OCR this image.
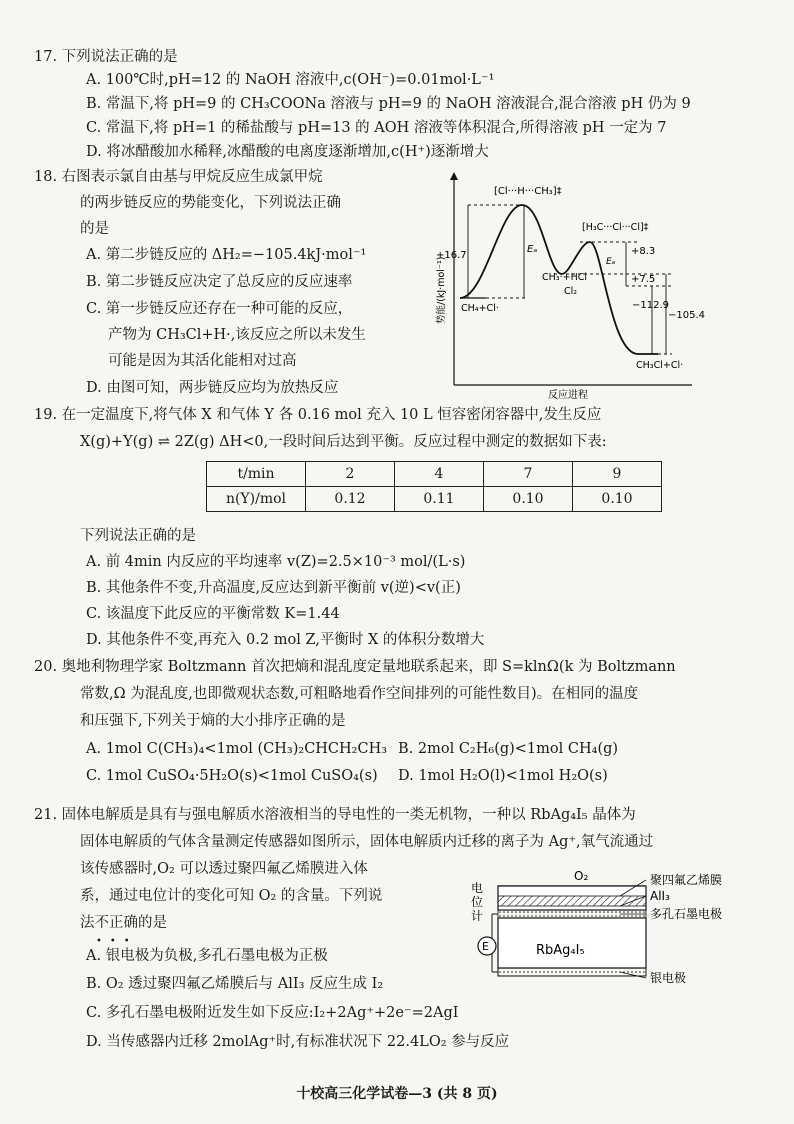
17. 下列说法正确的是
A. 100℃时,pH=12 的 NaOH 溶液中,c(OH⁻)=0.01mol·L⁻¹
B. 常温下,将 pH=9 的 CH₃COONa 溶液与 pH=9 的 NaOH 溶液混合,混合溶液 pH 仍为 9
C. 常温下,将 pH=1 的稀盐酸与 pH=13 的 AOH 溶液等体积混合,所得溶液 pH 一定为 7
D. 将冰醋酸加水稀释,冰醋酸的电离度逐渐增加,c(H⁺)逐渐增大
18. 右图表示氯自由基与甲烷反应生成氯甲烷
的两步链反应的势能变化，下列说法正确
的是
A. 第二步链反应的 ΔH₂=−105.4kJ·mol⁻¹
B. 第二步链反应决定了总反应的反应速率
C. 第一步链反应还存在一种可能的反应，
产物为 CH₃Cl+H·,该反应之所以未发生
可能是因为其活化能相对过高
D. 由图可知，两步链反应均为放热反应
势能/(kJ·mol⁻¹)
反应进程
[Cl···H···CH₃]‡
[H₃C···Cl···Cl]‡
CH₄+Cl·
CH₃·+HCl
Cl₂
CH₃Cl+Cl·
+16.7
Eₐ
Eₐ
+8.3
+7.5
−112.9
−105.4
19. 在一定温度下,将气体 X 和气体 Y 各 0.16 mol 充入 10 L 恒容密闭容器中,发生反应
X(g)+Y(g) ⇌ 2Z(g) ΔH<0,一段时间后达到平衡。反应过程中测定的数据如下表:
t/min	2	4	7	9
n(Y)/mol	0.12	0.11	0.10	0.10
下列说法正确的是
A. 前 4min 内反应的平均速率 v(Z)=2.5×10⁻³ mol/(L·s)
B. 其他条件不变,升高温度,反应达到新平衡前 v(逆)<v(正)
C. 该温度下此反应的平衡常数 K=1.44
D. 其他条件不变,再充入 0.2 mol Z,平衡时 X 的体积分数增大
20. 奥地利物理学家 Boltzmann 首次把熵和混乱度定量地联系起来，即 S=klnΩ(k 为 Boltzmann
常数,Ω 为混乱度,也即微观状态数,可粗略地看作空间排列的可能性数目)。在相同的温度
和压强下,下列关于熵的大小排序正确的是
A. 1mol C(CH₃)₄<1mol (CH₃)₂CHCH₂CH₃ B. 2mol C₂H₆(g)<1mol CH₄(g)
C. 1mol CuSO₄·5H₂O(s)<1mol CuSO₄(s) D. 1mol H₂O(l)<1mol H₂O(s)
21. 固体电解质是具有与强电解质水溶液相当的导电性的一类无机物，一种以 RbAg₄I₅ 晶体为
固体电解质的气体含量测定传感器如图所示，固体电解质内迁移的离子为 Ag⁺,氧气流通过
该传感器时,O₂ 可以透过聚四氟乙烯膜进入体
系，通过电位计的变化可知 O₂ 的含量。下列说
法不正确的是
•••
A. 银电极为负极,多孔石墨电极为正极
B. O₂ 透过聚四氟乙烯膜后与 AlI₃ 反应生成 I₂
C. 多孔石墨电极附近发生如下反应:I₂+2Ag⁺+2e⁻=2AgI
D. 当传感器内迁移 2molAg⁺时,有标准状况下 22.4LO₂ 参与反应
O₂
RbAg₄I₅
E
电
位
计
聚四氟乙烯膜
AlI₃
多孔石墨电极
银电极
十校高三化学试卷—3 (共 8 页)
